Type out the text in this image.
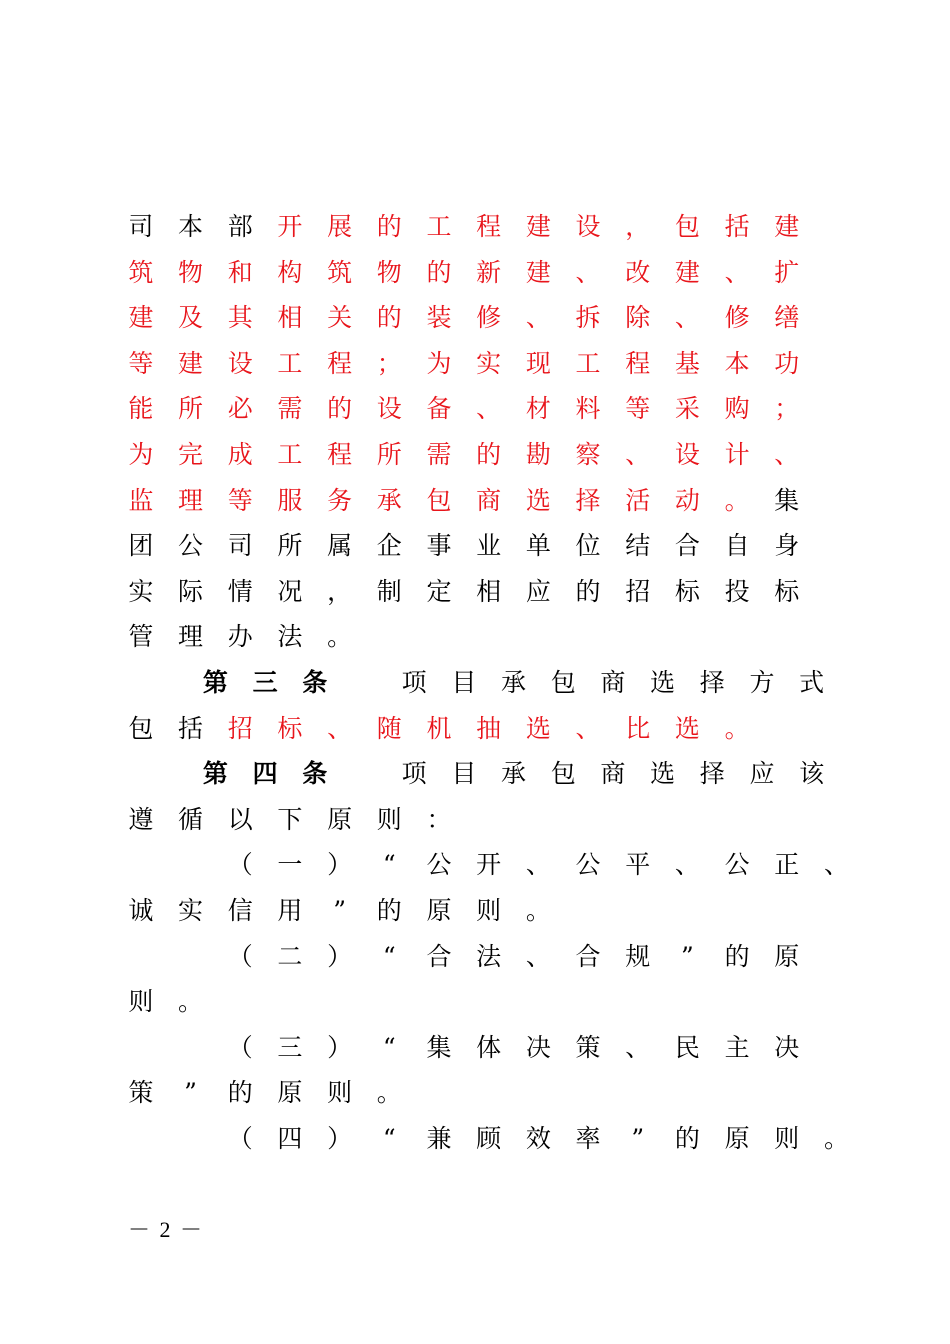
－ 2 －
司 本 部 开 展 的 工 程 建 设 ， 包 括 建
筑 物 和 构 筑 物 的 新 建 、 改 建 、 扩
建 及 其 相 关 的 装 修 、 拆 除 、 修 缮
等 建 设 工 程 ； 为 实 现 工 程 基 本 功
能 所 必 需 的 设 备 、 材 料 等 采 购 ；
为 完 成 工 程 所 需 的 勘 察 、 设 计 、
监 理 等 服 务 承 包 商 选 择 活 动 。 集
团 公 司 所 属 企 事 业 单 位 结 合 自 身
实 际 情 况 ， 制 定 相 应 的 招 标 投 标
管 理 办 法 。
第 三 条	项 目 承 包 商 选 择 方 式
包 括 招 标 、 随 机 抽 选 、 比 选 。
第 四 条	项 目 承 包 商 选 择 应 该
遵 循 以 下 原 则 ：
（ 一 ） “ 公 开 、 公 平 、 公 正 、
诚 实 信 用 ” 的 原 则 。
（ 二 ） “ 合 法 、 合 规 ” 的 原
则 。
（ 三 ） “ 集 体 决 策 、 民 主 决
策 ” 的 原 则 。
（ 四 ） “ 兼 顾 效 率 ” 的 原 则 。
